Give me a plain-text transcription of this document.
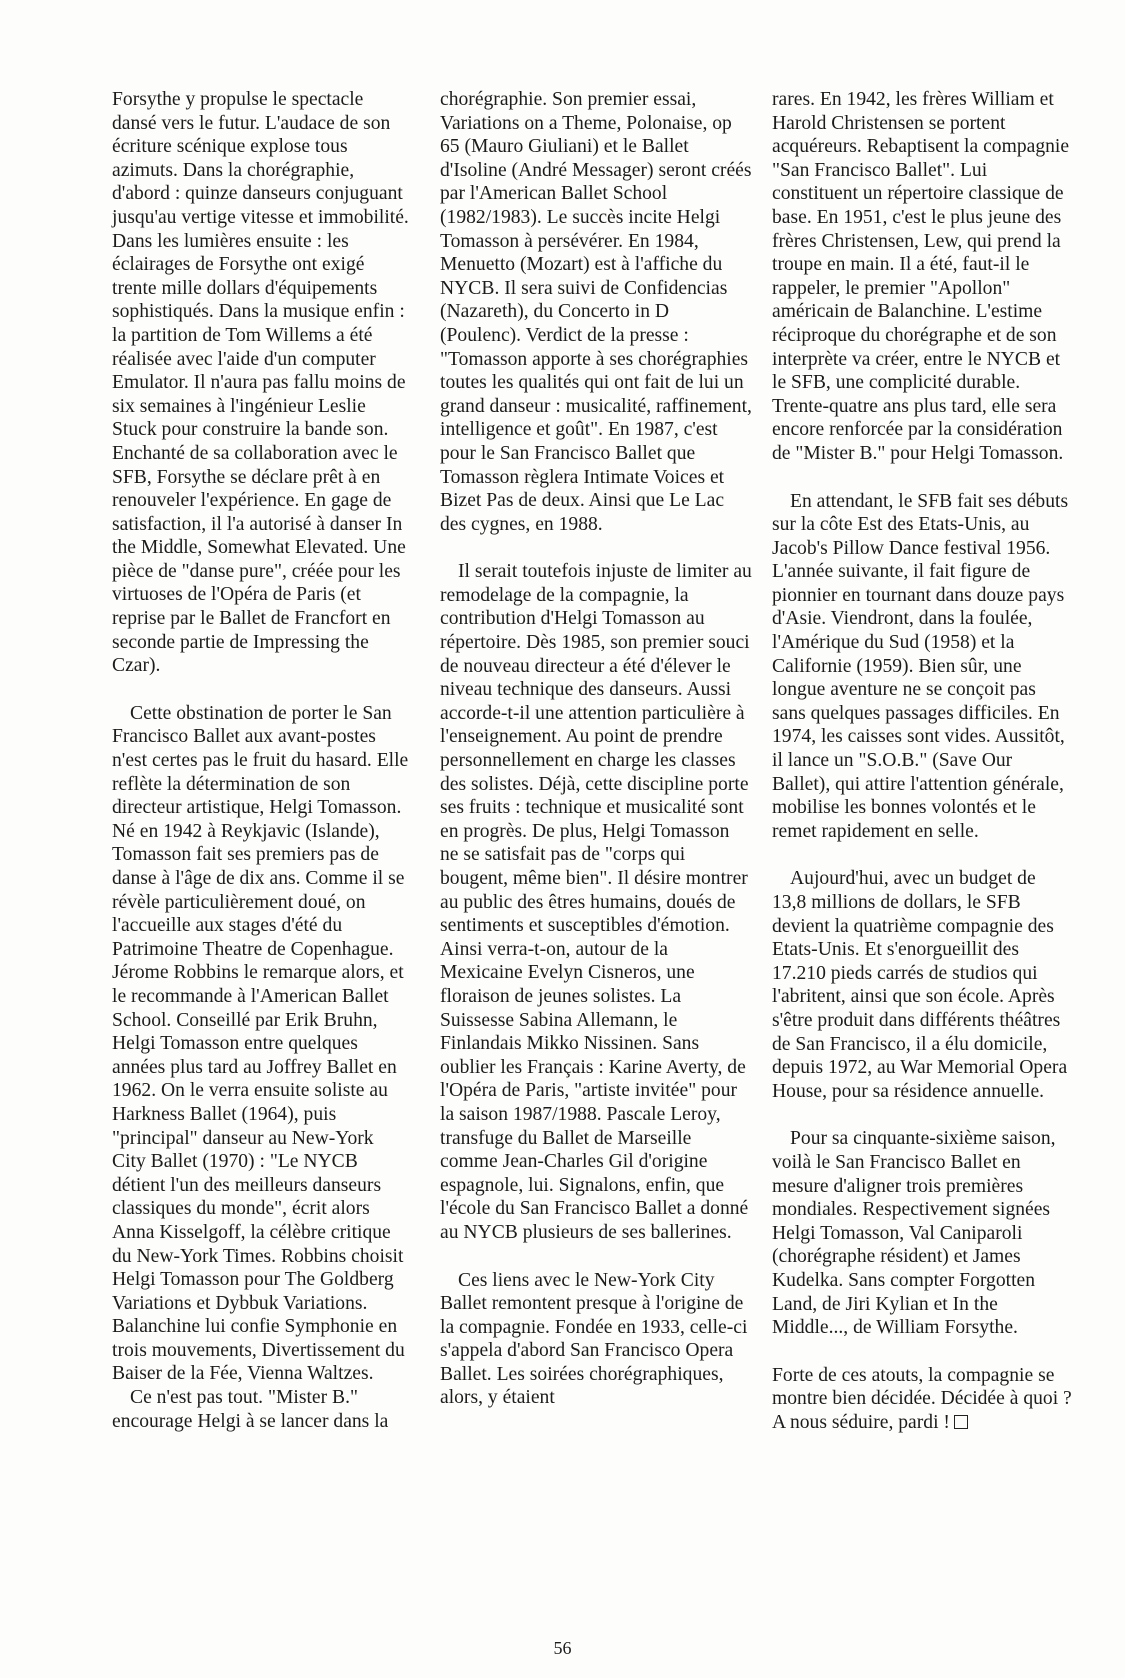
Forsythe y propulse le spectacle dansé vers le futur. L'audace de son écriture scénique explose tous azimuts. Dans la chorégraphie, d'abord : quinze danseurs conjuguant jusqu'au vertige vitesse et immobilité. Dans les lumières ensuite : les éclairages de Forsythe ont exigé trente mille dollars d'équipements sophistiqués. Dans la musique enfin : la partition de Tom Willems a été réalisée avec l'aide d'un computer Emulator. Il n'aura pas fallu moins de six semaines à l'ingénieur Leslie Stuck pour construire la bande son. Enchanté de sa collaboration avec le SFB, Forsythe se déclare prêt à en renouveler l'expérience. En gage de satisfaction, il l'a autorisé à danser In the Middle, Somewhat Elevated. Une pièce de "danse pure", créée pour les virtuoses de l'Opéra de Paris (et reprise par le Ballet de Francfort en seconde partie de Impressing the Czar).

Cette obstination de porter le San Francisco Ballet aux avant-postes n'est certes pas le fruit du hasard. Elle reflète la détermination de son directeur artistique, Helgi Tomasson. Né en 1942 à Reykjavic (Islande), Tomasson fait ses premiers pas de danse à l'âge de dix ans. Comme il se révèle particulièrement doué, on l'accueille aux stages d'été du Patrimoine Theatre de Copenhague. Jérome Robbins le remarque alors, et le recommande à l'American Ballet School. Conseillé par Erik Bruhn, Helgi Tomasson entre quelques années plus tard au Joffrey Ballet en 1962. On le verra ensuite soliste au Harkness Ballet (1964), puis "principal" danseur au New-York City Ballet (1970) : "Le NYCB détient l'un des meilleurs danseurs classiques du monde", écrit alors Anna Kisselgoff, la célèbre critique du New-York Times. Robbins choisit Helgi Tomasson pour The Goldberg Variations et Dybbuk Variations. Balanchine lui confie Symphonie en trois mouvements, Divertissement du Baiser de la Fée, Vienna Waltzes.

Ce n'est pas tout. "Mister B." encourage Helgi à se lancer dans la

chorégraphie. Son premier essai, Variations on a Theme, Polonaise, op 65 (Mauro Giuliani) et le Ballet d'Isoline (André Messager) seront créés par l'American Ballet School (1982/1983). Le succès incite Helgi Tomasson à persévérer. En 1984, Menuetto (Mozart) est à l'affiche du NYCB. Il sera suivi de Confidencias (Nazareth), du Concerto in D (Poulenc). Verdict de la presse : "Tomasson apporte à ses chorégraphies toutes les qualités qui ont fait de lui un grand danseur : musicalité, raffinement, intelligence et goût". En 1987, c'est pour le San Francisco Ballet que Tomasson règlera Intimate Voices et Bizet Pas de deux. Ainsi que Le Lac des cygnes, en 1988.

Il serait toutefois injuste de limiter au remodelage de la compagnie, la contribution d'Helgi Tomasson au répertoire. Dès 1985, son premier souci de nouveau directeur a été d'élever le niveau technique des danseurs. Aussi accorde-t-il une attention particulière à l'enseignement. Au point de prendre personnellement en charge les classes des solistes. Déjà, cette discipline porte ses fruits : technique et musicalité sont en progrès. De plus, Helgi Tomasson ne se satisfait pas de "corps qui bougent, même bien". Il désire montrer au public des êtres humains, doués de sentiments et susceptibles d'émotion. Ainsi verra-t-on, autour de la Mexicaine Evelyn Cisneros, une floraison de jeunes solistes. La Suissesse Sabina Allemann, le Finlandais Mikko Nissinen. Sans oublier les Français : Karine Averty, de l'Opéra de Paris, "artiste invitée" pour la saison 1987/1988. Pascale Leroy, transfuge du Ballet de Marseille comme Jean-Charles Gil d'origine espagnole, lui. Signalons, enfin, que l'école du San Francisco Ballet a donné au NYCB plusieurs de ses ballerines.

Ces liens avec le New-York City Ballet remontent presque à l'origine de la compagnie. Fondée en 1933, celle-ci s'appela d'abord San Francisco Opera Ballet. Les soirées chorégraphiques, alors, y étaient

rares. En 1942, les frères William et Harold Christensen se portent acquéreurs. Rebaptisent la compagnie "San Francisco Ballet". Lui constituent un répertoire classique de base. En 1951, c'est le plus jeune des frères Christensen, Lew, qui prend la troupe en main. Il a été, faut-il le rappeler, le premier "Apollon" américain de Balanchine. L'estime réciproque du chorégraphe et de son interprète va créer, entre le NYCB et le SFB, une complicité durable. Trente-quatre ans plus tard, elle sera encore renforcée par la considération de "Mister B." pour Helgi Tomasson.

En attendant, le SFB fait ses débuts sur la côte Est des Etats-Unis, au Jacob's Pillow Dance festival 1956. L'année suivante, il fait figure de pionnier en tournant dans douze pays d'Asie. Viendront, dans la foulée, l'Amérique du Sud (1958) et la Californie (1959). Bien sûr, une longue aventure ne se conçoit pas sans quelques passages difficiles. En 1974, les caisses sont vides. Aussitôt, il lance un "S.O.B." (Save Our Ballet), qui attire l'attention générale, mobilise les bonnes volontés et le remet rapidement en selle.

Aujourd'hui, avec un budget de 13,8 millions de dollars, le SFB devient la quatrième compagnie des Etats-Unis. Et s'enorgueillit des 17.210 pieds carrés de studios qui l'abritent, ainsi que son école. Après s'être produit dans différents théâtres de San Francisco, il a élu domicile, depuis 1972, au War Memorial Opera House, pour sa résidence annuelle.

Pour sa cinquante-sixième saison, voilà le San Francisco Ballet en mesure d'aligner trois premières mondiales. Respectivement signées Helgi Tomasson, Val Caniparoli (chorégraphe résident) et James Kudelka. Sans compter Forgotten Land, de Jiri Kylian et In the Middle..., de William Forsythe.

Forte de ces atouts, la compagnie se montre bien décidée. Décidée à quoi ? A nous séduire, pardi !

56
